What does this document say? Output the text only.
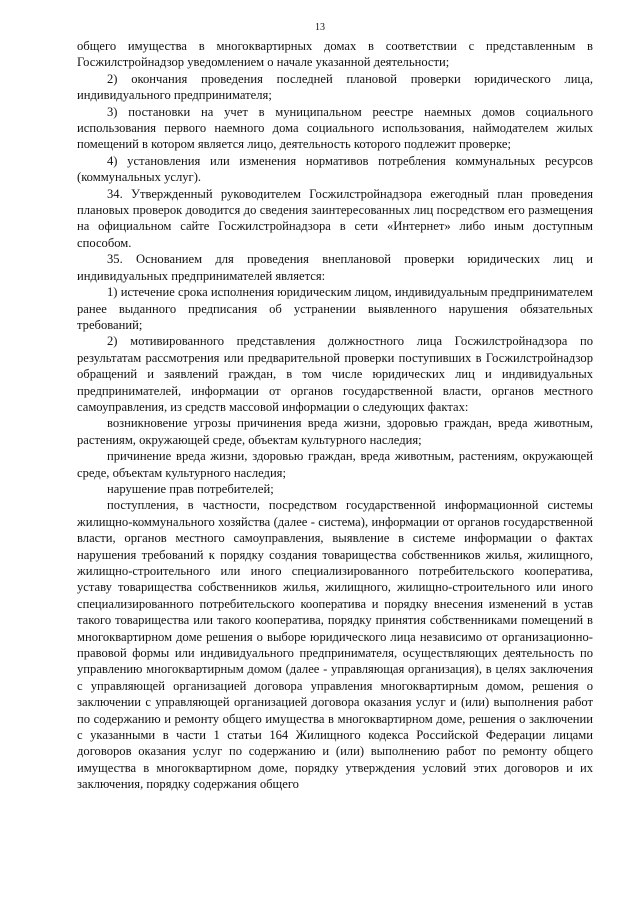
13

общего имущества в многоквартирных домах в соответствии с представленным в Госжилстройнадзор уведомлением о начале указанной деятельности;

2) окончания проведения последней плановой проверки юридического лица, индивидуального предпринимателя;

3) постановки на учет в муниципальном реестре наемных домов социального использования первого наемного дома социального использования, наймодателем жилых помещений в котором является лицо, деятельность которого подлежит проверке;

4) установления или изменения нормативов потребления коммунальных ресурсов (коммунальных услуг).

34. Утвержденный руководителем Госжилстройнадзора ежегодный план проведения плановых проверок доводится до сведения заинтересованных лиц посредством его размещения на официальном сайте Госжилстройнадзора в сети «Интернет» либо иным доступным способом.

35. Основанием для проведения внеплановой проверки юридических лиц и индивидуальных предпринимателей является:

1) истечение срока исполнения юридическим лицом, индивидуальным предпринимателем ранее выданного предписания об устранении выявленного нарушения обязательных требований;

2) мотивированного представления должностного лица Госжилстройнадзора по результатам рассмотрения или предварительной проверки поступивших в Госжилстройнадзор обращений и заявлений граждан, в том числе юридических лиц и индивидуальных предпринимателей, информации от органов государственной власти, органов местного самоуправления, из средств массовой информации о следующих фактах:

возникновение угрозы причинения вреда жизни, здоровью граждан, вреда животным, растениям, окружающей среде, объектам культурного наследия;

причинение вреда жизни, здоровью граждан, вреда животным, растениям, окружающей среде, объектам культурного наследия;

нарушение прав потребителей;

поступления, в частности, посредством государственной информационной системы жилищно-коммунального хозяйства (далее - система), информации от органов государственной власти, органов местного самоуправления, выявление в системе информации о фактах нарушения требований к порядку создания товарищества собственников жилья, жилищного, жилищно-строительного или иного специализированного потребительского кооператива, уставу товарищества собственников жилья, жилищного, жилищно-строительного или иного специализированного потребительского кооператива и порядку внесения изменений в устав такого товарищества или такого кооператива, порядку принятия собственниками помещений в многоквартирном доме решения о выборе юридического лица независимо от организационно-правовой формы или индивидуального предпринимателя, осуществляющих деятельность по управлению многоквартирным домом (далее - управляющая организация), в целях заключения с управляющей организацией договора управления многоквартирным домом, решения о заключении с управляющей организацией договора оказания услуг и (или) выполнения работ по содержанию и ремонту общего имущества в многоквартирном доме, решения о заключении с указанными в части 1 статьи 164 Жилищного кодекса Российской Федерации лицами договоров оказания услуг по содержанию и (или) выполнению работ по ремонту общего имущества в многоквартирном доме, порядку утверждения условий этих договоров и их заключения, порядку содержания общего
